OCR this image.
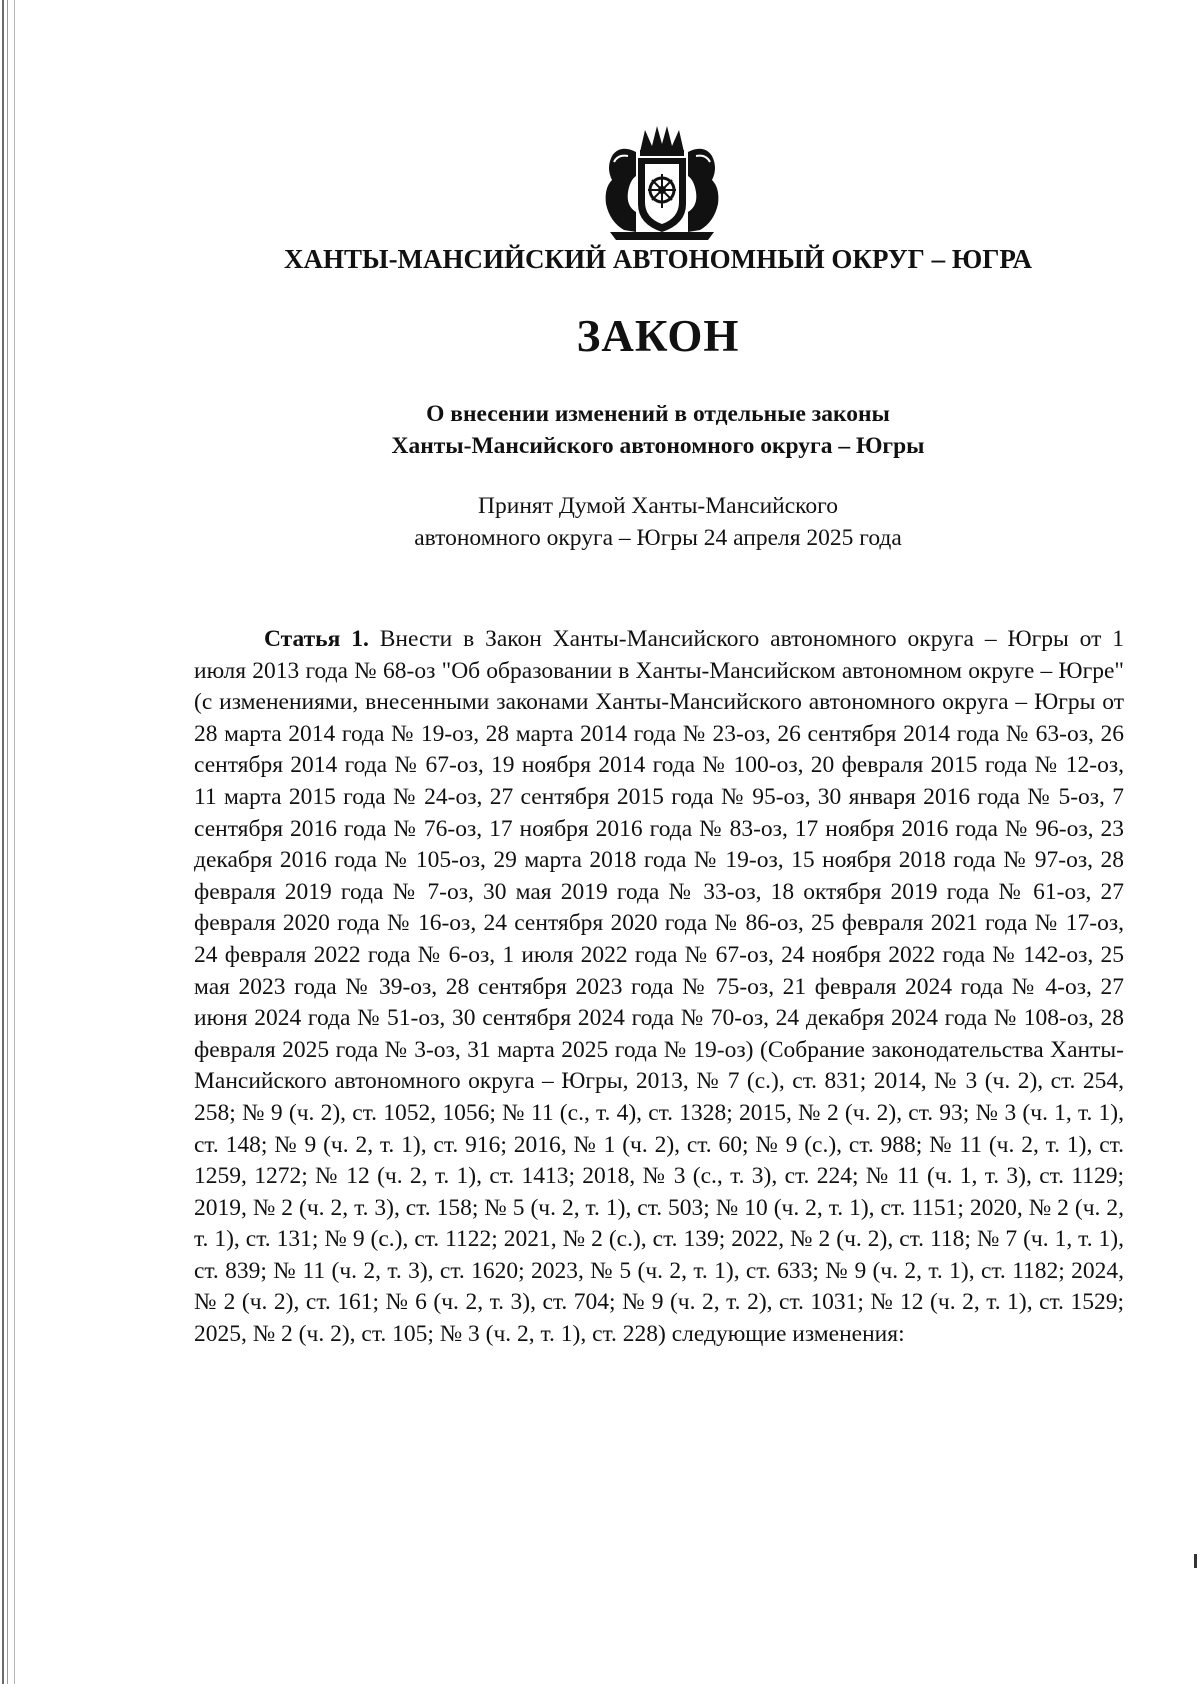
ХАНТЫ-МАНСИЙСКИЙ АВТОНОМНЫЙ ОКРУГ – ЮГРА
ЗАКОН
О внесении изменений в отдельные законы
Ханты-Мансийского автономного округа – Югры
Принят Думой Ханты-Мансийского
автономного округа – Югры 24 апреля 2025 года
Статья 1. Внести в Закон Ханты-Мансийского автономного округа – Югры от 1 июля 2013 года № 68-оз "Об образовании в Ханты-Мансийском автономном округе – Югре" (с изменениями, внесенными законами Ханты-Мансийского автономного округа – Югры от 28 марта 2014 года № 19-оз, 28 марта 2014 года № 23-оз, 26 сентября 2014 года № 63-оз, 26 сентября 2014 года № 67-оз, 19 ноября 2014 года № 100-оз, 20 февраля 2015 года № 12-оз, 11 марта 2015 года № 24-оз, 27 сентября 2015 года № 95-оз, 30 января 2016 года № 5-оз, 7 сентября 2016 года № 76-оз, 17 ноября 2016 года № 83-оз, 17 ноября 2016 года № 96-оз, 23 декабря 2016 года № 105-оз, 29 марта 2018 года № 19-оз, 15 ноября 2018 года № 97-оз, 28 февраля 2019 года № 7-оз, 30 мая 2019 года № 33-оз, 18 октября 2019 года № 61-оз, 27 февраля 2020 года № 16-оз, 24 сентября 2020 года № 86-оз, 25 февраля 2021 года № 17-оз, 24 февраля 2022 года № 6-оз, 1 июля 2022 года № 67-оз, 24 ноября 2022 года № 142-оз, 25 мая 2023 года № 39-оз, 28 сентября 2023 года № 75-оз, 21 февраля 2024 года № 4-оз, 27 июня 2024 года № 51-оз, 30 сентября 2024 года № 70-оз, 24 декабря 2024 года № 108-оз, 28 февраля 2025 года № 3-оз, 31 марта 2025 года № 19-оз) (Собрание законодательства Ханты-Мансийского автономного округа – Югры, 2013, № 7 (с.), ст. 831; 2014, № 3 (ч. 2), ст. 254, 258; № 9 (ч. 2), ст. 1052, 1056; № 11 (с., т. 4), ст. 1328; 2015, № 2 (ч. 2), ст. 93; № 3 (ч. 1, т. 1), ст. 148; № 9 (ч. 2, т. 1), ст. 916; 2016, № 1 (ч. 2), ст. 60; № 9 (с.), ст. 988; № 11 (ч. 2, т. 1), ст. 1259, 1272; № 12 (ч. 2, т. 1), ст. 1413; 2018, № 3 (с., т. 3), ст. 224; № 11 (ч. 1, т. 3), ст. 1129; 2019, № 2 (ч. 2, т. 3), ст. 158; № 5 (ч. 2, т. 1), ст. 503; № 10 (ч. 2, т. 1), ст. 1151; 2020, № 2 (ч. 2, т. 1), ст. 131; № 9 (с.), ст. 1122; 2021, № 2 (с.), ст. 139; 2022, № 2 (ч. 2), ст. 118; № 7 (ч. 1, т. 1), ст. 839; № 11 (ч. 2, т. 3), ст. 1620; 2023, № 5 (ч. 2, т. 1), ст. 633; № 9 (ч. 2, т. 1), ст. 1182; 2024, № 2 (ч. 2), ст. 161; № 6 (ч. 2, т. 3), ст. 704; № 9 (ч. 2, т. 2), ст. 1031; № 12 (ч. 2, т. 1), ст. 1529; 2025, № 2 (ч. 2), ст. 105; № 3 (ч. 2, т. 1), ст. 228) следующие изменения:
